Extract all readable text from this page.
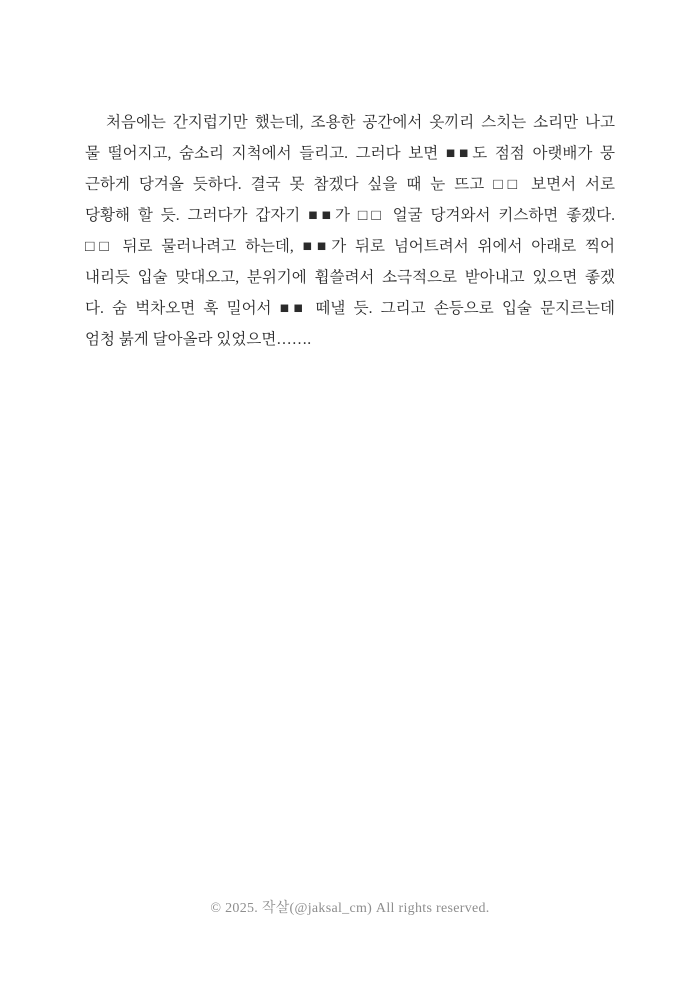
처음에는 간지럽기만 했는데, 조용한 공간에서 옷끼리 스치는 소리만 나고
물 떨어지고, 숨소리 지척에서 들리고. 그러다 보면 ■■도 점점 아랫배가 뭉
근하게 당겨올 듯하다. 결국 못 참겠다 싶을 때 눈 뜨고 □□ 보면서 서로
당황해 할 듯. 그러다가 갑자기 ■■가 □□ 얼굴 당겨와서 키스하면 좋겠다.
□□ 뒤로 물러나려고 하는데, ■■가 뒤로 넘어트려서 위에서 아래로 찍어
내리듯 입술 맞대오고, 분위기에 휩쓸려서 소극적으로 받아내고 있으면 좋겠
다. 숨 벅차오면 훅 밀어서 ■■ 떼낼 듯. 그리고 손등으로 입술 문지르는데
엄청 붉게 달아올라 있었으면…….
© 2025. 작살(@jaksal_cm) All rights reserved.
